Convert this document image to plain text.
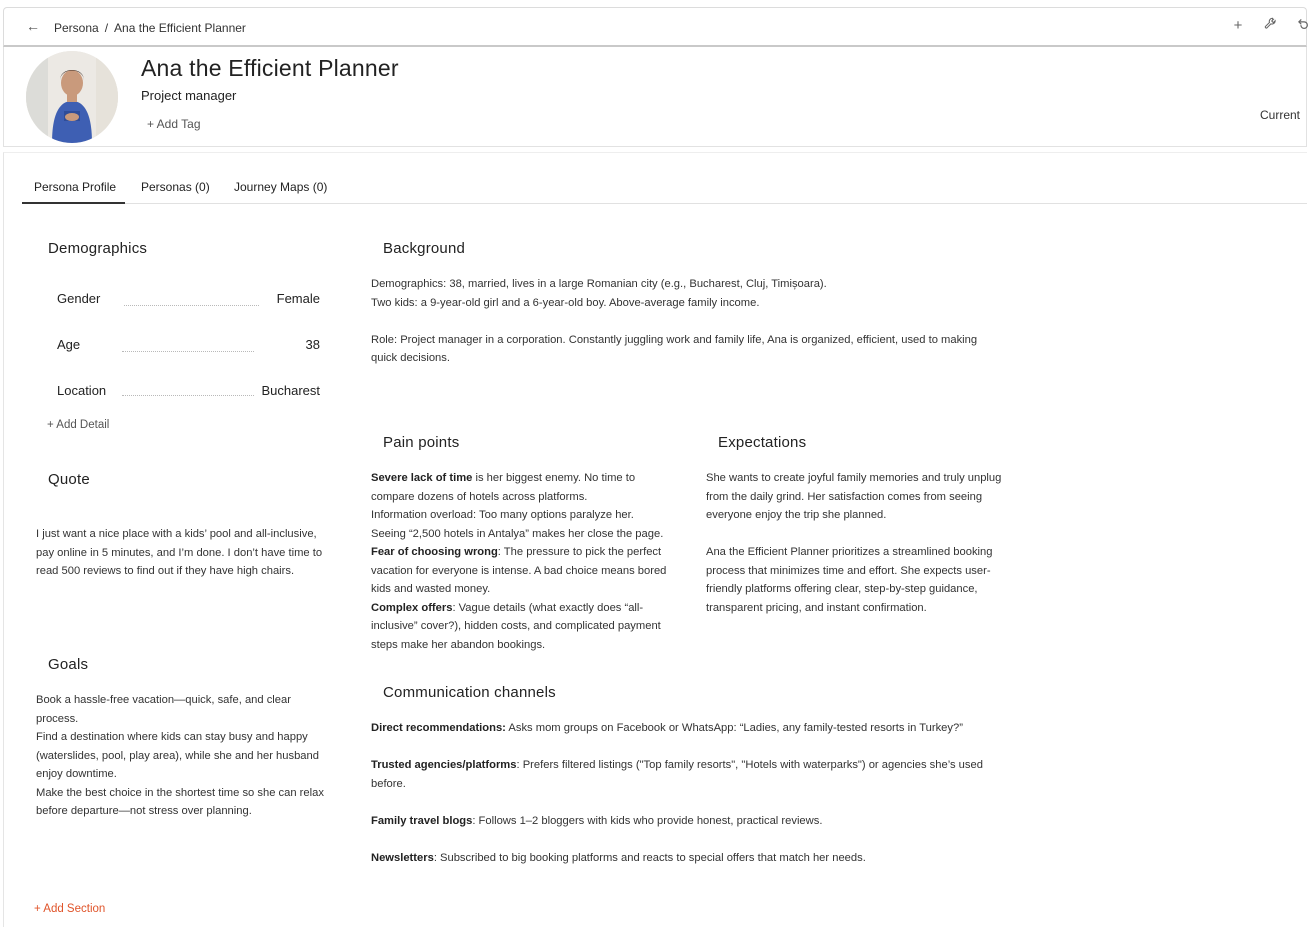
← Persona / Ana the Efficient Planner	+
Ana the Efficient Planner
Project manager
+ Add Tag
Current
Persona Profile	Personas (0) Journey Maps (0)
Demographics
Gender	Female
Age	38
Location	Bucharest
+ Add Detail
Quote
I just want a nice place with a kids’ pool and all-inclusive,
pay online in 5 minutes, and I’m done. I don’t have time to
read 500 reviews to find out if they have high chairs.
Goals
Book a hassle-free vacation—quick, safe, and clear
process.
Find a destination where kids can stay busy and happy
(waterslides, pool, play area), while she and her husband
enjoy downtime.
Make the best choice in the shortest time so she can relax
before departure—not stress over planning.
Background
Demographics: 38, married, lives in a large Romanian city (e.g., Bucharest, Cluj, Timișoara).
Two kids: a 9-year-old girl and a 6-year-old boy. Above-average family income.
Role: Project manager in a corporation. Constantly juggling work and family life, Ana is organized, efficient, used to making
quick decisions.
Pain points
Severe lack of time is her biggest enemy. No time to
compare dozens of hotels across platforms.
Information overload: Too many options paralyze her.
Seeing “2,500 hotels in Antalya” makes her close the page.
Fear of choosing wrong: The pressure to pick the perfect
vacation for everyone is intense. A bad choice means bored
kids and wasted money.
Complex offers: Vague details (what exactly does “all-
inclusive” cover?), hidden costs, and complicated payment
steps make her abandon bookings.
Expectations
She wants to create joyful family memories and truly unplug
from the daily grind. Her satisfaction comes from seeing
everyone enjoy the trip she planned.
Ana the Efficient Planner prioritizes a streamlined booking
process that minimizes time and effort. She expects user-
friendly platforms offering clear, step-by-step guidance,
transparent pricing, and instant confirmation.
Communication channels
Direct recommendations: Asks mom groups on Facebook or WhatsApp: “Ladies, any family-tested resorts in Turkey?”
Trusted agencies/platforms: Prefers filtered listings ("Top family resorts", "Hotels with waterparks") or agencies she’s used
before.
Family travel blogs: Follows 1–2 bloggers with kids who provide honest, practical reviews.
Newsletters: Subscribed to big booking platforms and reacts to special offers that match her needs.
+ Add Section
